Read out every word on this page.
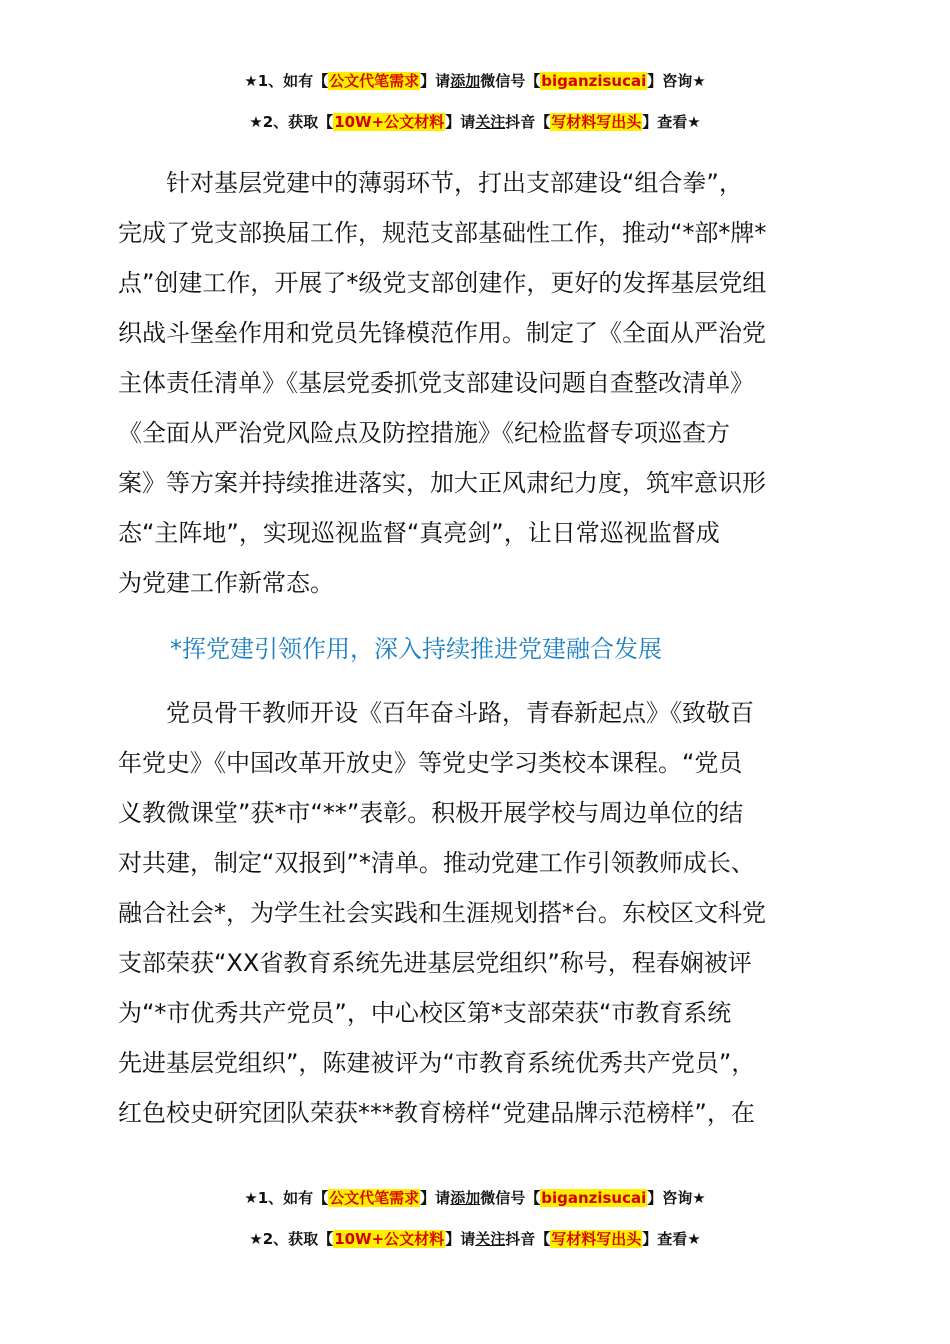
★1、如有【公文代笔需求】请添加微信号【biganzisucai】咨询★
★2、获取【10W+公文材料】请关注抖音【写材料写出头】查看★
　　针对基层党建中的薄弱环节，打出支部建设“组合拳”，
完成了党支部换届工作，规范支部基础性工作，推动“*部*牌*
点”创建工作，开展了*级党支部创建作，更好的发挥基层党组
织战斗堡垒作用和党员先锋模范作用。制定了《全面从严治党
主体责任清单》《基层党委抓党支部建设问题自查整改清单》
《全面从严治党风险点及防控措施》《纪检监督专项巡查方
案》等方案并持续推进落实，加大正风肃纪力度，筑牢意识形
态“主阵地”，实现巡视监督“真亮剑”，让日常巡视监督成
为党建工作新常态。
*挥党建引领作用，深入持续推进党建融合发展
　　党员骨干教师开设《百年奋斗路，青春新起点》《致敬百
年党史》《中国改革开放史》等党史学习类校本课程。“党员
义教微课堂”获*市“**”表彰。积极开展学校与周边单位的结
对共建，制定“双报到”*清单。推动党建工作引领教师成长、
融合社会*，为学生社会实践和生涯规划搭*台。东校区文科党
支部荣获“XX省教育系统先进基层党组织”称号，程春娴被评
为“*市优秀共产党员”，中心校区第*支部荣获“市教育系统
先进基层党组织”，陈建被评为“市教育系统优秀共产党员”，
红色校史研究团队荣获***教育榜样“党建品牌示范榜样”，在
★1、如有【公文代笔需求】请添加微信号【biganzisucai】咨询★
★2、获取【10W+公文材料】请关注抖音【写材料写出头】查看★
